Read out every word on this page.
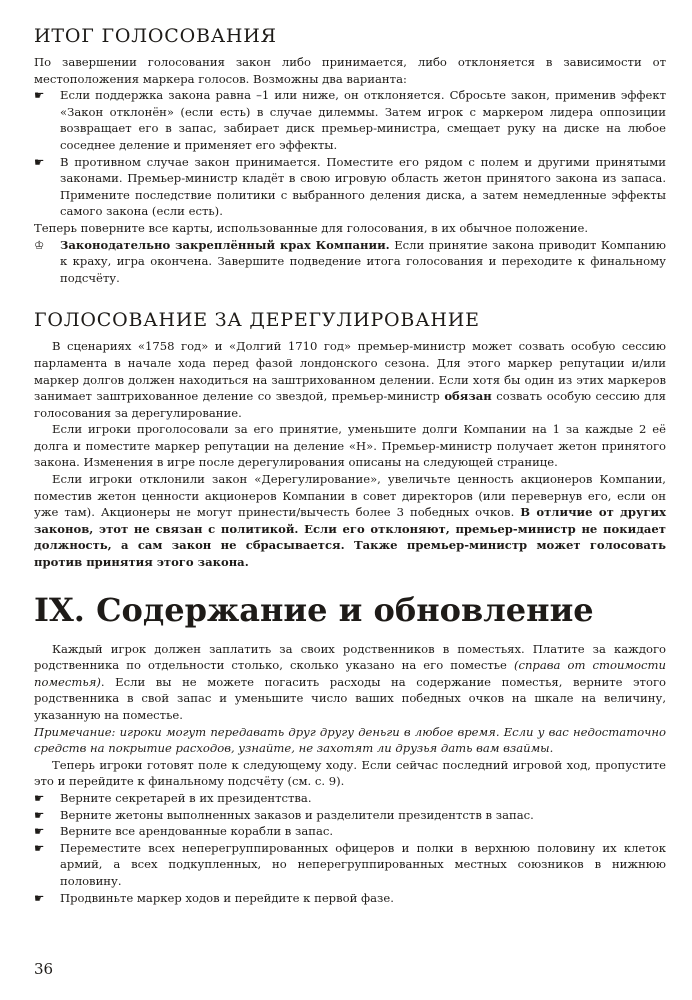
ИТОГ ГОЛОСОВАНИЯ

По завершении голосования закон либо принимается, либо отклоняется в зависимости от местоположения маркера голосов. Возможны два варианта:

☛	Если поддержка закона равна –1 или ниже, он отклоняется. Сбросьте закон, применив эффект «Закон отклонён» (если есть) в случае дилеммы. Затем игрок с маркером лидера оппозиции возвращает его в запас, забирает диск премьер-министра, смещает руку на диске на любое соседнее деление и применяет его эффекты.
☛	В противном случае закон принимается. Поместите его рядом с полем и другими принятыми законами. Премьер-министр кладёт в свою игровую область жетон принятого закона из запаса. Примените последствие политики с выбранного деления диска, а затем немедленные эффекты самого закона (если есть).

Теперь поверните все карты, использованные для голосования, в их обычное положение.

♔	Законодательно закреплённый крах Компании. Если принятие закона приводит Компанию к краху, игра окончена. Завершите подведение итога голосования и переходите к финальному подсчёту.
ГОЛОСОВАНИЕ ЗА ДЕРЕГУЛИРОВАНИЕ

В сценариях «1758 год» и «Долгий 1710 год» премьер-министр может созвать особую сессию парламента в начале хода перед фазой лондонского сезона. Для этого маркер репутации и/или маркер долгов должен находиться на заштрихованном делении. Если хотя бы один из этих маркеров занимает заштрихованное деление со звездой, премьер-министр обязан созвать особую сессию для голосования за дерегулирование.

Если игроки проголосовали за его принятие, уменьшите долги Компании на 1 за каждые 2 её долга и поместите маркер репутации на деление «Н». Премьер-министр получает жетон принятого закона. Изменения в игре после дерегулирования описаны на следующей странице.

Если игроки отклонили закон «Дерегулирование», увеличьте ценность акционеров Компании, поместив жетон ценности акционеров Компании в совет директоров (или перевернув его, если он уже там). Акционеры не могут принести/вычесть более 3 победных очков. В отличие от других законов, этот не связан с политикой. Если его отклоняют, премьер-министр не покидает должность, а сам закон не сбрасывается. Также премьер-министр может голосовать против принятия этого закона.

IX. Содержание и обновление

Каждый игрок должен заплатить за своих родственников в поместьях. Платите за каждого родственника по отдельности столько, сколько указано на его поместье (справа от стоимости поместья). Если вы не можете погасить расходы на содержание поместья, верните этого родственника в свой запас и уменьшите число ваших победных очков на шкале на величину, указанную на поместье.

Примечание: игроки могут передавать друг другу деньги в любое время. Если у вас недостаточно средств на покрытие расходов, узнайте, не захотят ли друзья дать вам взаймы.

Теперь игроки готовят поле к следующему ходу. Если сейчас последний игровой ход, пропустите это и перейдите к финальному подсчёту (см. с. 9).

☛	Верните секретарей в их президентства.
☛	Верните жетоны выполненных заказов и разделители президентств в запас.
☛	Верните все арендованные корабли в запас.
☛	Переместите всех неперегруппированных офицеров и полки в верхнюю половину их клеток армий, а всех подкупленных, но неперегруппированных местных союзников в нижнюю половину.
☛	Продвиньте маркер ходов и перейдите к первой фазе.
36
